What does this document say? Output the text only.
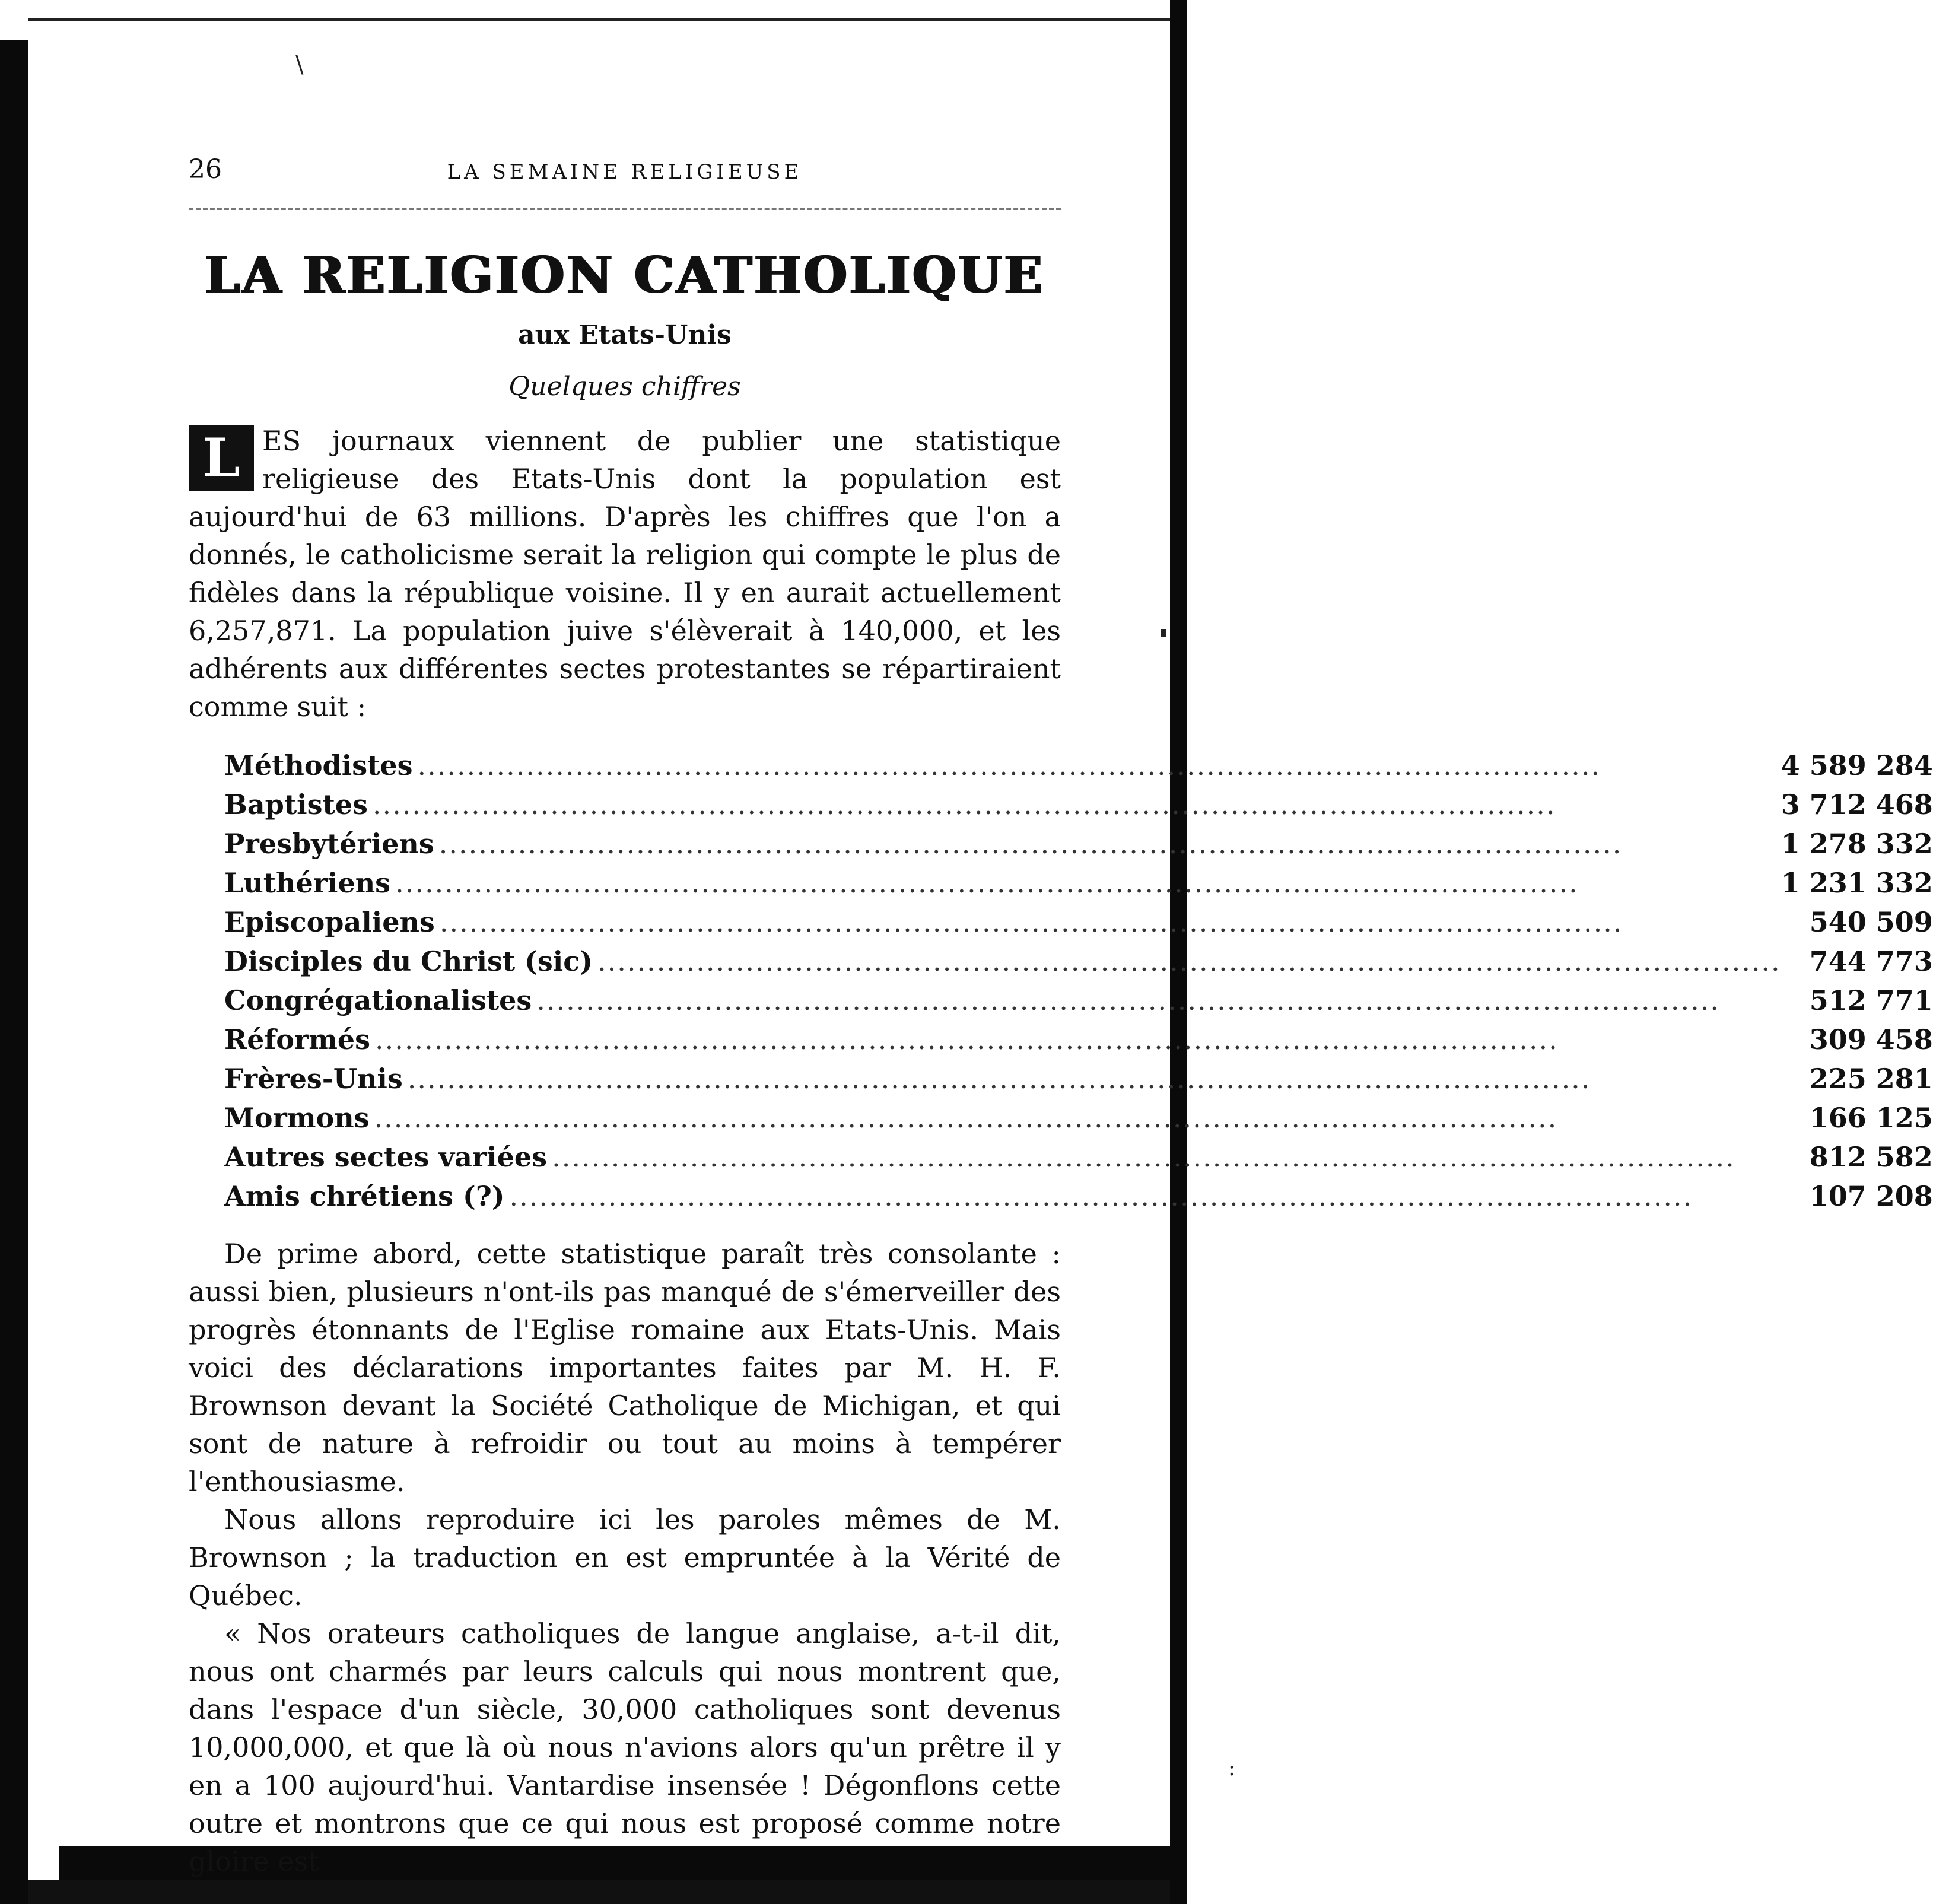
\
:
26	LA SEMAINE RELIGIEUSE
LA RELIGION CATHOLIQUE
aux Etats-Unis
Quelques chiffres
L ES journaux viennent de publier une statistique religieuse des Etats-Unis dont la population est aujourd'hui de 63 millions. D'après les chiffres que l'on a donnés, le catholicisme serait la religion qui compte le plus de fidèles dans la république voisine. Il y en aurait actuellement 6,257,871. La population juive s'élèverait à 140,000, et les adhérents aux différentes sectes protestantes se répartiraient comme suit :
Méthodistes ........................................................................................................................	4 589 284
Baptistes ........................................................................................................................	3 712 468
Presbytériens ........................................................................................................................	1 278 332
Luthériens ........................................................................................................................	1 231 332
Episcopaliens ........................................................................................................................	540 509
Disciples du Christ (sic) ........................................................................................................................	744 773
Congrégationalistes ........................................................................................................................	512 771
Réformés ........................................................................................................................	309 458
Frères-Unis ........................................................................................................................	225 281
Mormons ........................................................................................................................	166 125
Autres sectes variées ........................................................................................................................	812 582
Amis chrétiens (?) ........................................................................................................................	107 208

De prime abord, cette statistique paraît très consolante : aussi bien, plusieurs n'ont-ils pas manqué de s'émerveiller des progrès étonnants de l'Eglise romaine aux Etats-Unis. Mais voici des déclarations importantes faites par M. H. F. Brownson devant la Société Catholique de Michigan, et qui sont de nature à refroidir ou tout au moins à tempérer l'enthousiasme.

Nous allons reproduire ici les paroles mêmes de M. Brownson ; la traduction en est empruntée à la Vérité de Québec.

« Nos orateurs catholiques de langue anglaise, a-t-il dit, nous ont charmés par leurs calculs qui nous montrent que, dans l'espace d'un siècle, 30,000 catholiques sont devenus 10,000,000, et que là où nous n'avions alors qu'un prêtre il y en a 100 aujourd'hui. Vantardise insensée ! Dégonflons cette outre et montrons que ce qui nous est proposé comme notre gloire est
